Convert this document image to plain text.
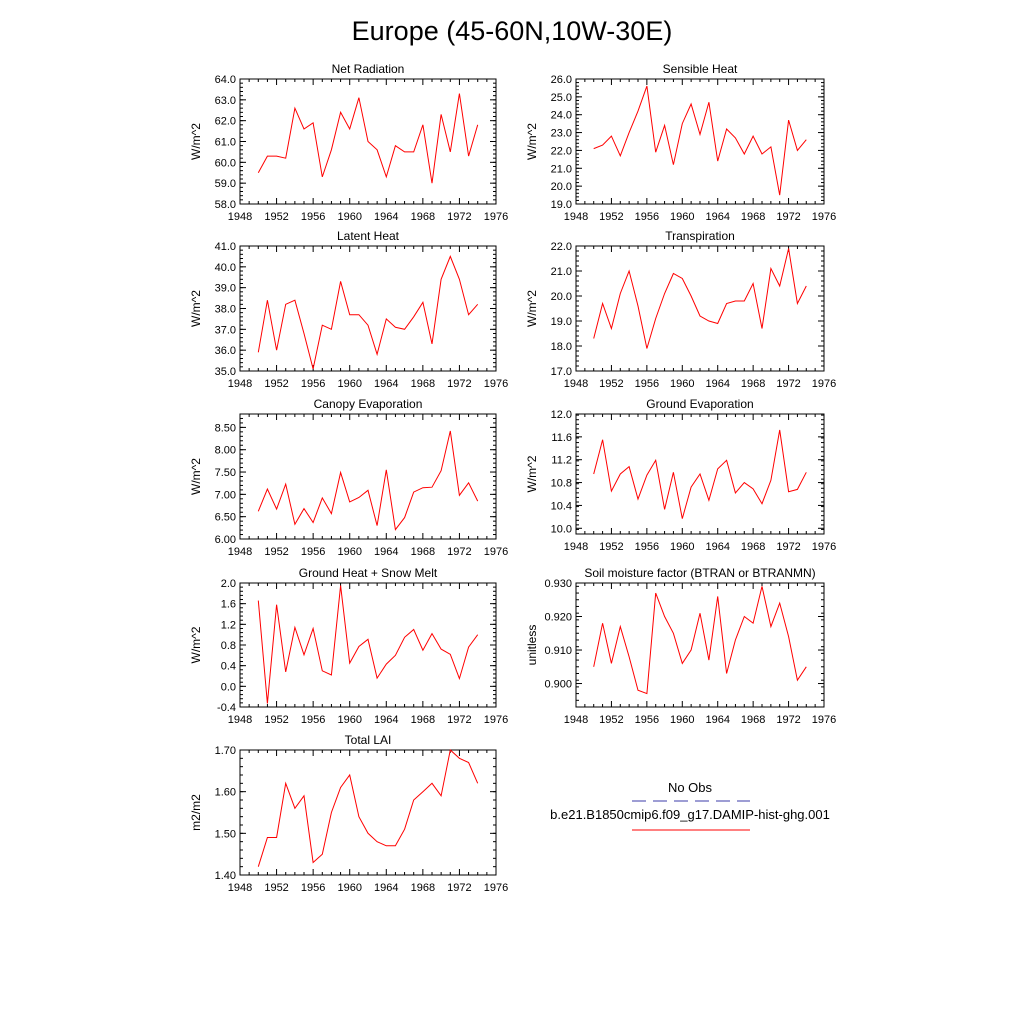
Europe (45-60N,10W-30E)
Net Radiation
W/m^2
1948 1952 1956 1960 1964 1968 1972 1976
58.0
59.0
60.0
61.0
62.0
63.0
64.0
Sensible Heat
W/m^2
1948 1952 1956 1960 1964 1968 1972 1976
19.0
20.0
21.0
22.0
23.0
24.0
25.0
26.0
Latent Heat
W/m^2
1948 1952 1956 1960 1964 1968 1972 1976
35.0
36.0
37.0
38.0
39.0
40.0
41.0
Transpiration
W/m^2
1948 1952 1956 1960 1964 1968 1972 1976
17.0
18.0
19.0
20.0
21.0
22.0
Canopy Evaporation
W/m^2
1948 1952 1956 1960 1964 1968 1972 1976
6.00
6.50
7.00
7.50
8.00
8.50
Ground Evaporation
W/m^2
1948 1952 1956 1960 1964 1968 1972 1976
10.0
10.4
10.8
11.2
11.6
12.0
Ground Heat + Snow Melt
W/m^2
1948 1952 1956 1960 1964 1968 1972 1976
-0.4
0.0
0.4
0.8
1.2
1.6
2.0
Soil moisture factor (BTRAN or BTRANMN)
unitless
1948 1952 1956 1960 1964 1968 1972 1976
0.900
0.910
0.920
0.930
Total LAI
m2/m2
1948 1952 1956 1960 1964 1968 1972 1976
1.40
1.50
1.60
1.70
No Obs
b.e21.B1850cmip6.f09_g17.DAMIP-hist-ghg.001
